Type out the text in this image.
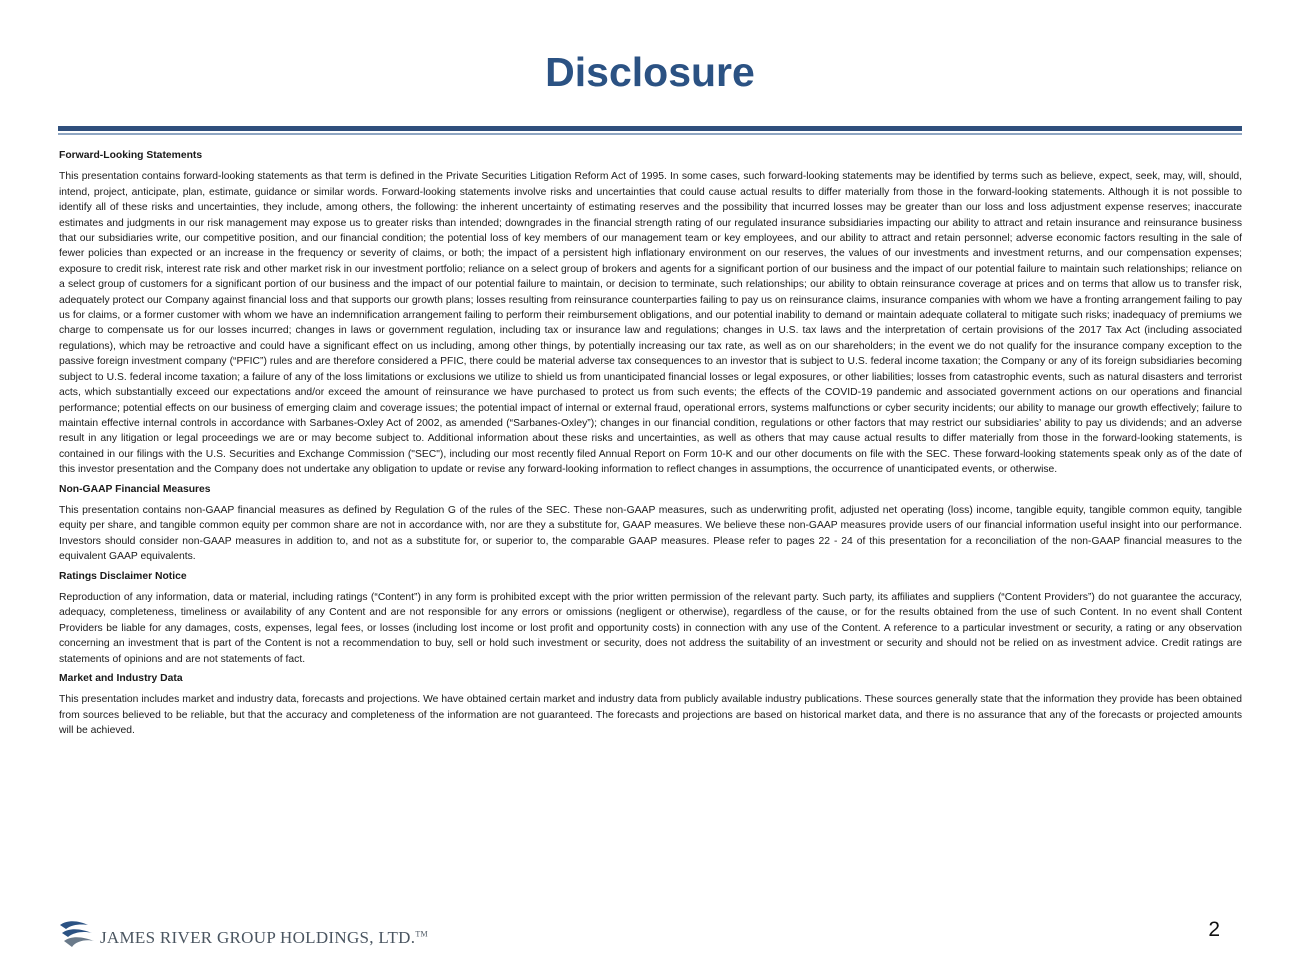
Disclosure
Forward-Looking Statements
This presentation contains forward-looking statements as that term is defined in the Private Securities Litigation Reform Act of 1995. In some cases, such forward-looking statements may be identified by terms such as believe, expect, seek, may, will, should, intend, project, anticipate, plan, estimate, guidance or similar words. Forward-looking statements involve risks and uncertainties that could cause actual results to differ materially from those in the forward-looking statements. Although it is not possible to identify all of these risks and uncertainties, they include, among others, the following: the inherent uncertainty of estimating reserves and the possibility that incurred losses may be greater than our loss and loss adjustment expense reserves; inaccurate estimates and judgments in our risk management may expose us to greater risks than intended; downgrades in the financial strength rating of our regulated insurance subsidiaries impacting our ability to attract and retain insurance and reinsurance business that our subsidiaries write, our competitive position, and our financial condition; the potential loss of key members of our management team or key employees, and our ability to attract and retain personnel; adverse economic factors resulting in the sale of fewer policies than expected or an increase in the frequency or severity of claims, or both; the impact of a persistent high inflationary environment on our reserves, the values of our investments and investment returns, and our compensation expenses; exposure to credit risk, interest rate risk and other market risk in our investment portfolio; reliance on a select group of brokers and agents for a significant portion of our business and the impact of our potential failure to maintain such relationships; reliance on a select group of customers for a significant portion of our business and the impact of our potential failure to maintain, or decision to terminate, such relationships; our ability to obtain reinsurance coverage at prices and on terms that allow us to transfer risk, adequately protect our Company against financial loss and that supports our growth plans; losses resulting from reinsurance counterparties failing to pay us on reinsurance claims, insurance companies with whom we have a fronting arrangement failing to pay us for claims, or a former customer with whom we have an indemnification arrangement failing to perform their reimbursement obligations, and our potential inability to demand or maintain adequate collateral to mitigate such risks; inadequacy of premiums we charge to compensate us for our losses incurred; changes in laws or government regulation, including tax or insurance law and regulations; changes in U.S. tax laws and the interpretation of certain provisions of the 2017 Tax Act (including associated regulations), which may be retroactive and could have a significant effect on us including, among other things, by potentially increasing our tax rate, as well as on our shareholders; in the event we do not qualify for the insurance company exception to the passive foreign investment company (“PFIC”) rules and are therefore considered a PFIC, there could be material adverse tax consequences to an investor that is subject to U.S. federal income taxation; the Company or any of its foreign subsidiaries becoming subject to U.S. federal income taxation; a failure of any of the loss limitations or exclusions we utilize to shield us from unanticipated financial losses or legal exposures, or other liabilities; losses from catastrophic events, such as natural disasters and terrorist acts, which substantially exceed our expectations and/or exceed the amount of reinsurance we have purchased to protect us from such events; the effects of the COVID-19 pandemic and associated government actions on our operations and financial performance; potential effects on our business of emerging claim and coverage issues; the potential impact of internal or external fraud, operational errors, systems malfunctions or cyber security incidents; our ability to manage our growth effectively; failure to maintain effective internal controls in accordance with Sarbanes-Oxley Act of 2002, as amended (“Sarbanes-Oxley”); changes in our financial condition, regulations or other factors that may restrict our subsidiaries’ ability to pay us dividends; and an adverse result in any litigation or legal proceedings we are or may become subject to. Additional information about these risks and uncertainties, as well as others that may cause actual results to differ materially from those in the forward-looking statements, is contained in our filings with the U.S. Securities and Exchange Commission ("SEC"), including our most recently filed Annual Report on Form 10-K and our other documents on file with the SEC. These forward-looking statements speak only as of the date of this investor presentation and the Company does not undertake any obligation to update or revise any forward-looking information to reflect changes in assumptions, the occurrence of unanticipated events, or otherwise.
Non-GAAP Financial Measures
This presentation contains non-GAAP financial measures as defined by Regulation G of the rules of the SEC. These non-GAAP measures, such as underwriting profit, adjusted net operating (loss) income, tangible equity, tangible common equity, tangible equity per share, and tangible common equity per common share are not in accordance with, nor are they a substitute for, GAAP measures. We believe these non-GAAP measures provide users of our financial information useful insight into our performance. Investors should consider non-GAAP measures in addition to, and not as a substitute for, or superior to, the comparable GAAP measures. Please refer to pages 22 - 24 of this presentation for a reconciliation of the non-GAAP financial measures to the equivalent GAAP equivalents.
Ratings Disclaimer Notice
Reproduction of any information, data or material, including ratings (“Content”) in any form is prohibited except with the prior written permission of the relevant party. Such party, its affiliates and suppliers (“Content Providers”) do not guarantee the accuracy, adequacy, completeness, timeliness or availability of any Content and are not responsible for any errors or omissions (negligent or otherwise), regardless of the cause, or for the results obtained from the use of such Content. In no event shall Content Providers be liable for any damages, costs, expenses, legal fees, or losses (including lost income or lost profit and opportunity costs) in connection with any use of the Content. A reference to a particular investment or security, a rating or any observation concerning an investment that is part of the Content is not a recommendation to buy, sell or hold such investment or security, does not address the suitability of an investment or security and should not be relied on as investment advice. Credit ratings are statements of opinions and are not statements of fact.
Market and Industry Data
This presentation includes market and industry data, forecasts and projections. We have obtained certain market and industry data from publicly available industry publications. These sources generally state that the information they provide has been obtained from sources believed to be reliable, but that the accuracy and completeness of the information are not guaranteed. The forecasts and projections are based on historical market data, and there is no assurance that any of the forecasts or projected amounts will be achieved.
JAMES RIVER GROUP HOLDINGS, LTD.™	2
